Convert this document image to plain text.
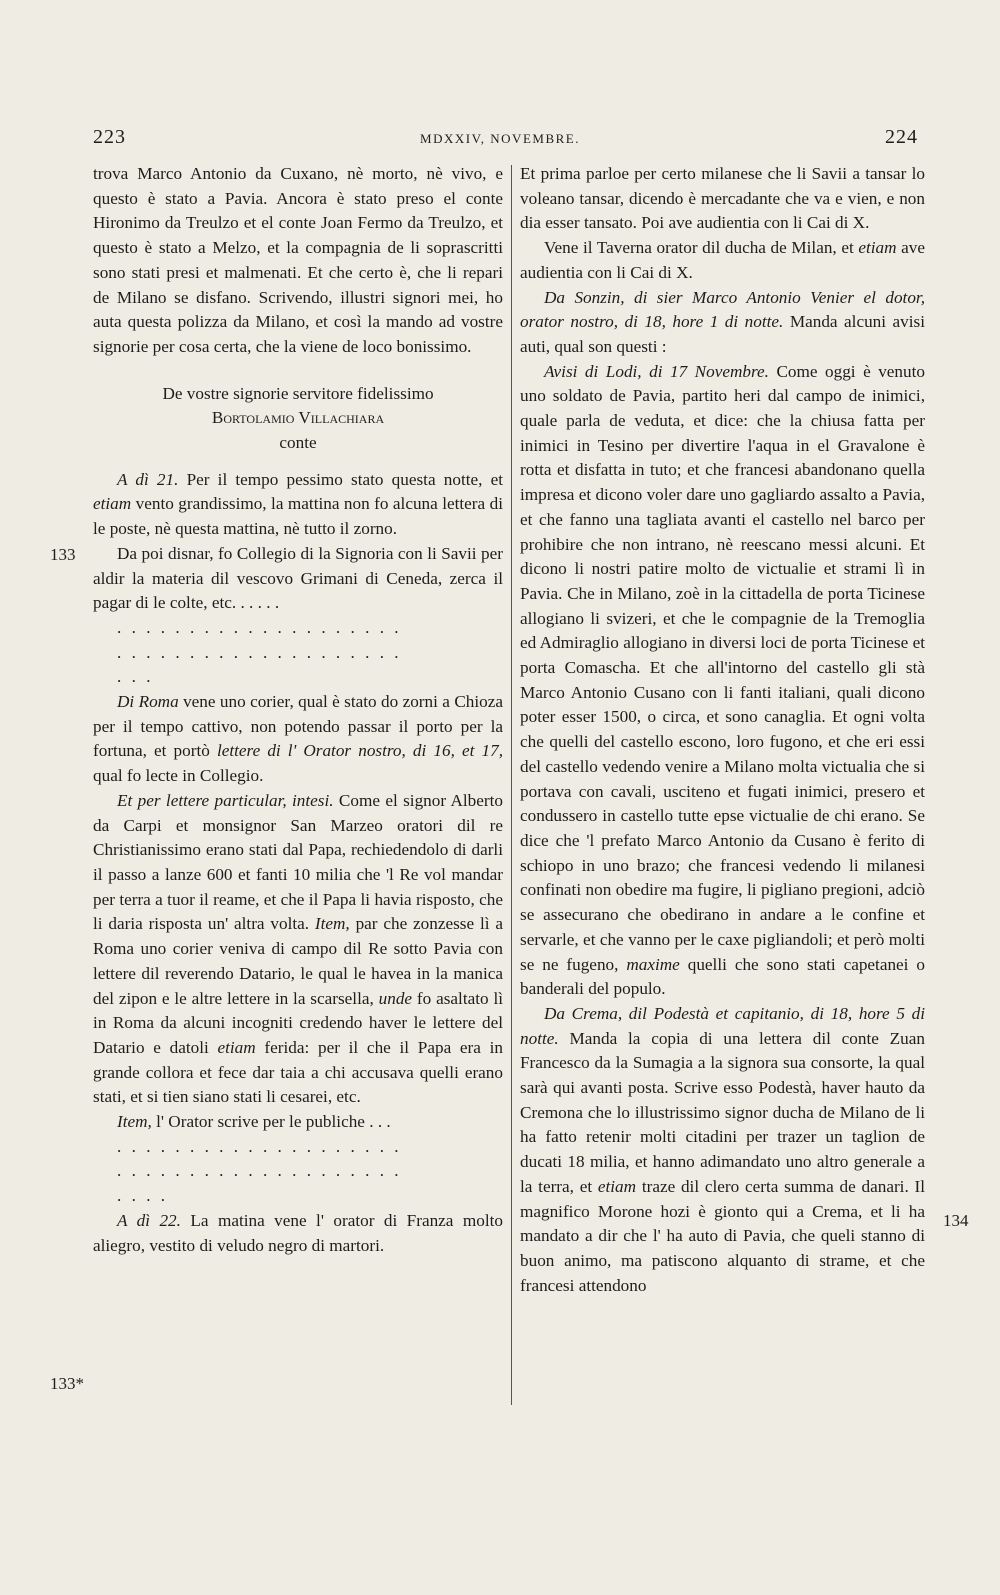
223	MDXXIV, NOVEMBRE.	224
133
133*
134

trova Marco Antonio da Cuxano, nè morto, nè vivo, e questo è stato a Pavia. Ancora è stato preso el conte Hironimo da Treulzo et el conte Joan Fermo da Treulzo, et questo è stato a Melzo, et la compagnia de li soprascritti sono stati presi et malmenati. Et che certo è, che li repari de Milano se disfano. Scrivendo, illustri signori mei, ho auta questa polizza da Milano, et così la mando ad vostre signorie per cosa certa, che la viene de loco bonissimo.

De vostre signorie servitore fidelissimo
Bortolamio Villachiara
conte

A dì 21. Per il tempo pessimo stato questa notte, et etiam vento grandissimo, la mattina non fo alcuna lettera di le poste, nè questa mattina, nè tutto il zorno.

Da poi disnar, fo Collegio di la Signoria con li Savii per aldir la materia dil vescovo Grimani di Ceneda, zerca il pagar di le colte, etc. . . . . .

. . . . . . . . . . . . . . . . . . . .

. . . . . . . . . . . . . . . . . . . .

. . .

Di Roma vene uno corier, qual è stato do zorni a Chioza per il tempo cattivo, non potendo passar il porto per la fortuna, et portò lettere di l' Orator nostro, di 16, et 17, qual fo lecte in Collegio.

Et per lettere particular, intesi. Come el signor Alberto da Carpi et monsignor San Marzeo oratori dil re Christianissimo erano stati dal Papa, rechiedendolo di darli il passo a lanze 600 et fanti 10 milia che 'l Re vol mandar per terra a tuor il reame, et che il Papa li havia risposto, che li daria risposta un' altra volta. Item, par che zonzesse lì a Roma uno corier veniva di campo dil Re sotto Pavia con lettere dil reverendo Datario, le qual le havea in la manica del zipon e le altre lettere in la scarsella, unde fo asaltato lì in Roma da alcuni incogniti credendo haver le lettere del Datario e datoli etiam ferida: per il che il Papa era in grande collora et fece dar taia a chi accusava quelli erano stati, et si tien siano stati li cesarei, etc.

Item, l' Orator scrive per le publiche . . .

. . . . . . . . . . . . . . . . . . . .

. . . . . . . . . . . . . . . . . . . .

. . . .

A dì 22. La matina vene l' orator di Franza molto aliegro, vestito di veludo negro di martori.

Et prima parloe per certo milanese che li Savii a tansar lo voleano tansar, dicendo è mercadante che va e vien, e non dia esser tansato. Poi ave audientia con li Cai di X.

Vene il Taverna orator dil ducha de Milan, et etiam ave audientia con li Cai di X.

Da Sonzin, di sier Marco Antonio Venier el dotor, orator nostro, di 18, hore 1 di notte. Manda alcuni avisi auti, qual son questi :

Avisi di Lodi, di 17 Novembre. Come oggi è venuto uno soldato de Pavia, partito heri dal campo de inimici, quale parla de veduta, et dice: che la chiusa fatta per inimici in Tesino per divertire l'aqua in el Gravalone è rotta et disfatta in tuto; et che francesi abandonano quella impresa et dicono voler dare uno gagliardo assalto a Pavia, et che fanno una tagliata avanti el castello nel barco per prohibire che non intrano, nè reescano messi alcuni. Et dicono li nostri patire molto de victualie et strami lì in Pavia. Che in Milano, zoè in la cittadella de porta Ticinese allogiano li svizeri, et che le compagnie de la Tremoglia ed Admiraglio allogiano in diversi loci de porta Ticinese et porta Comascha. Et che all'intorno del castello gli stà Marco Antonio Cusano con li fanti italiani, quali dicono poter esser 1500, o circa, et sono canaglia. Et ogni volta che quelli del castello escono, loro fugono, et che eri essi del castello vedendo venire a Milano molta victualia che si portava con cavali, usciteno et fugati inimici, presero et condussero in castello tutte epse victualie de chi erano. Se dice che 'l prefato Marco Antonio da Cusano è ferito di schiopo in uno brazo; che francesi vedendo li milanesi confinati non obedire ma fugire, li pigliano pregioni, adciò se assecurano che obedirano in andare a le confine et servarle, et che vanno per le caxe pigliandoli; et però molti se ne fugeno, maxime quelli che sono stati capetanei o banderali del populo.

Da Crema, dil Podestà et capitanio, di 18, hore 5 di notte. Manda la copia di una lettera dil conte Zuan Francesco da la Sumagia a la signora sua consorte, la qual sarà qui avanti posta. Scrive esso Podestà, haver hauto da Cremona che lo illustrissimo signor ducha de Milano de li ha fatto retenir molti citadini per trazer un taglion de ducati 18 milia, et hanno adimandato uno altro generale a la terra, et etiam traze dil clero certa summa de danari. Il magnifico Morone hozi è gionto qui a Crema, et li ha mandato a dir che l' ha auto di Pavia, che queli stanno di buon animo, ma patiscono alquanto di strame, et che francesi attendono
